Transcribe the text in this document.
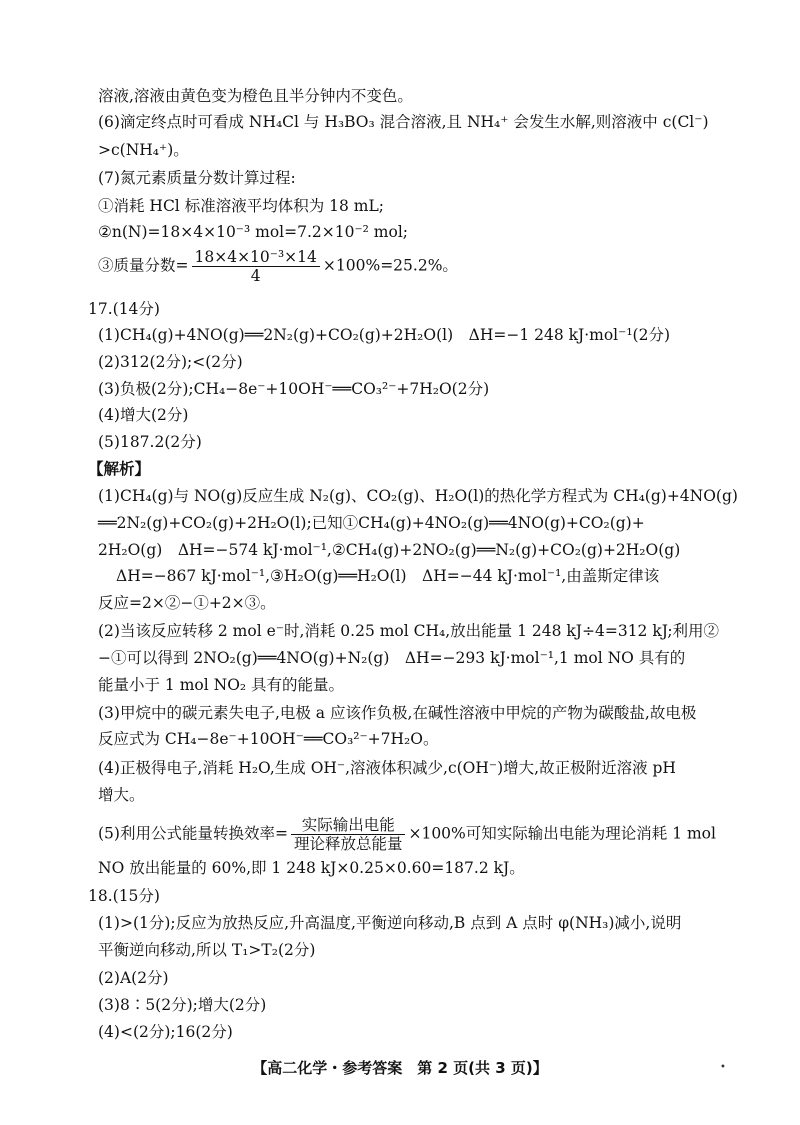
溶液,溶液由黄色变为橙色且半分钟内不变色。
(6)滴定终点时可看成 NH₄Cl 与 H₃BO₃ 混合溶液,且 NH₄⁺ 会发生水解,则溶液中 c(Cl⁻)
>c(NH₄⁺)。
(7)氮元素质量分数计算过程:
①消耗 HCl 标准溶液平均体积为 18 mL;
②n(N)=18×4×10⁻³ mol=7.2×10⁻² mol;
③质量分数= $\frac{\text{18×4×10⁻³×14}}{4} \times 100\%=25.2\%$。
17.(14分)
(1)CH₄(g)+4NO(g)══2N₂(g)+CO₂(g)+2H₂O(l)　ΔH=−1 248 kJ·mol⁻¹(2分)
(2)312(2分);<(2分)
(3)负极(2分);CH₄−8e⁻+10OH⁻══CO₃²⁻+7H₂O(2分)
(4)增大(2分)
(5)187.2(2分)
【解析】
(1)CH₄(g)与 NO(g)反应生成 N₂(g)、CO₂(g)、H₂O(l)的热化学方程式为 CH₄(g)+4NO(g)
══2N₂(g)+CO₂(g)+2H₂O(l);已知①CH₄(g)+4NO₂(g)══4NO(g)+CO₂(g)+
2H₂O(g)　ΔH=−574 kJ·mol⁻¹,②CH₄(g)+2NO₂(g)══N₂(g)+CO₂(g)+2H₂O(g)
ΔH=−867 kJ·mol⁻¹,③H₂O(g)══H₂O(l)　ΔH=−44 kJ·mol⁻¹,由盖斯定律该
反应=2×②−①+2×③。
(2)当该反应转移 2 mol e⁻时,消耗 0.25 mol CH₄,放出能量 1 248 kJ÷4=312 kJ;利用②
−①可以得到 2NO₂(g)══4NO(g)+N₂(g)　ΔH=−293 kJ·mol⁻¹,1 mol NO 具有的
能量小于 1 mol NO₂ 具有的能量。
(3)甲烷中的碳元素失电子,电极 a 应该作负极,在碱性溶液中甲烷的产物为碳酸盐,故电极
反应式为 CH₄−8e⁻+10OH⁻══CO₃²⁻+7H₂O。
(4)正极得电子,消耗 H₂O,生成 OH⁻,溶液体积减少,c(OH⁻)增大,故正极附近溶液 pH
增大。
(5)利用公式能量转换效率= $\frac{\text{实际输出电能}}{\text{理论释放总能量}} \times 100\%$可知实际输出电能为理论消耗 1 mol
NO 放出能量的 60%,即 1 248 kJ×0.25×0.60=187.2 kJ。
18.(15分)
(1)>(1分);反应为放热反应,升高温度,平衡逆向移动,B 点到 A 点时 φ(NH₃)减小,说明
平衡逆向移动,所以 T₁>T₂(2分)
(2)A(2分)
(3)8∶5(2分);增大(2分)
(4)<(2分);16(2分)
【高二化学・参考答案　第 2 页(共 3 页)】	•
